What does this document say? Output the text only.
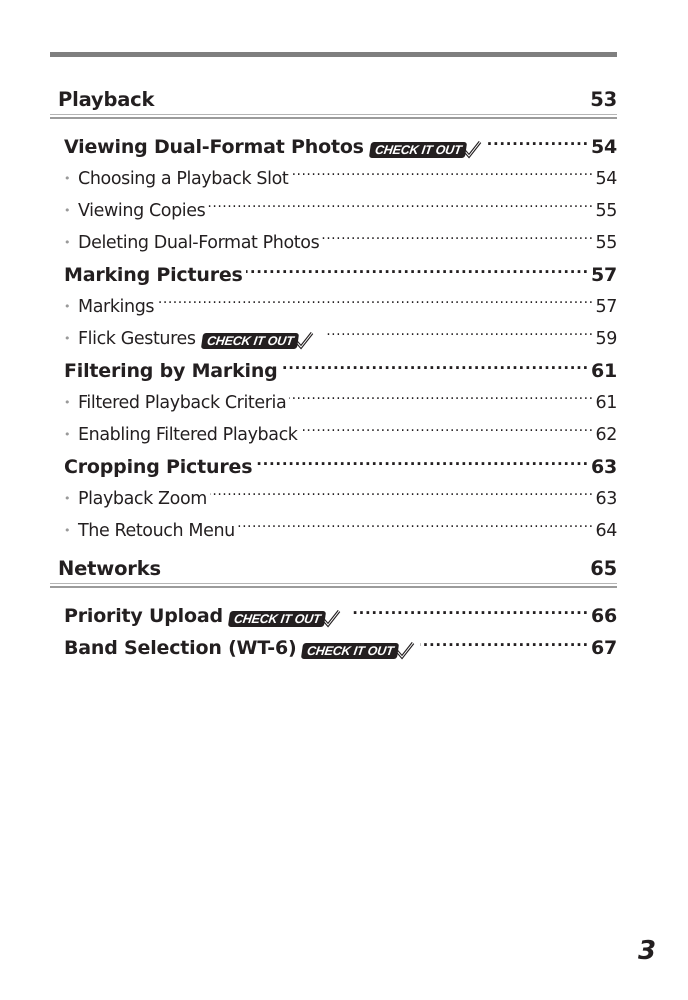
Playback	53
Viewing Dual-Format Photos CHECK IT OUT .....	54
• Choosing a Playback Slot .....	54
• Viewing Copies .....	55
• Deleting Dual-Format Photos .....	55
Marking Pictures .....	57
• Markings .....	57
• Flick Gestures CHECK IT OUT .....	59
Filtering by Marking .....	61
• Filtered Playback Criteria .....	61
• Enabling Filtered Playback .....	62
Cropping Pictures .....	63
• Playback Zoom .....	63
• The Retouch Menu .....	64
Networks	65
Priority Upload CHECK IT OUT .....	66
Band Selection (WT-6) CHECK IT OUT .....	67
3
